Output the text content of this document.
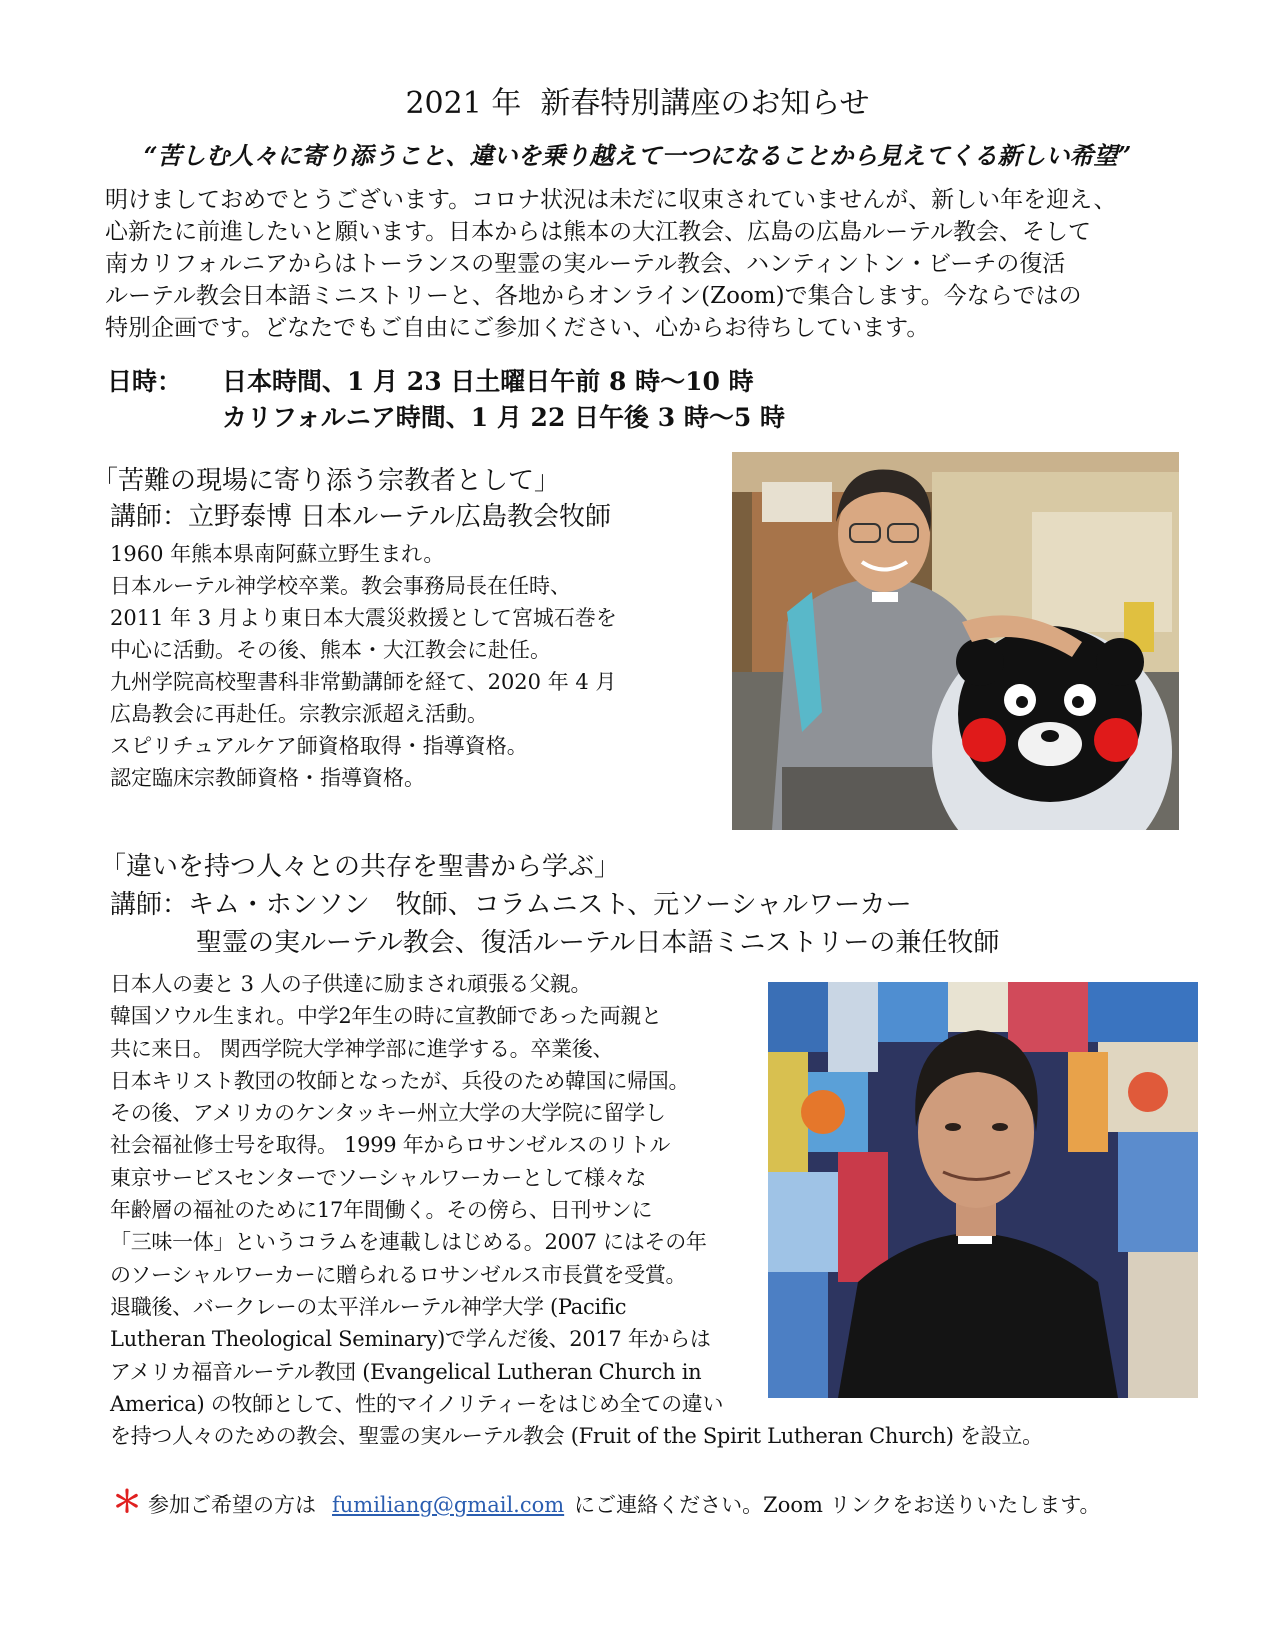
2021 年  新春特別講座のお知らせ
“苦しむ人々に寄り添うこと、違いを乗り越えて一つになることから見えてくる新しい希望”
明けましておめでとうございます。コロナ状況は未だに収束されていませんが、新しい年を迎え、
心新たに前進したいと願います。日本からは熊本の大江教会、広島の広島ルーテル教会、そして
南カリフォルニアからはトーランスの聖霊の実ルーテル教会、ハンティントン・ビーチの復活
ルーテル教会日本語ミニストリーと、各地からオンライン(Zoom)で集合します。今ならではの
特別企画です。どなたでもご自由にご参加ください、心からお待ちしています。
日時： 日本時間、1 月 23 日土曜日午前 8 時～10 時
カリフォルニア時間、1 月 22 日午後 3 時～5 時
「苦難の現場に寄り添う宗教者として」
講師：立野泰博 日本ルーテル広島教会牧師
1960 年熊本県南阿蘇立野生まれ。
日本ルーテル神学校卒業。教会事務局長在任時、
2011 年 3 月より東日本大震災救援として宮城石巻を
中心に活動。その後、熊本・大江教会に赴任。
九州学院高校聖書科非常勤講師を経て、2020 年 4 月
広島教会に再赴任。宗教宗派超え活動。
スピリチュアルケア師資格取得・指導資格。
認定臨床宗教師資格・指導資格。
「違いを持つ人々との共存を聖書から学ぶ」
講師：キム・ホンソン　牧師、コラムニスト、元ソーシャルワーカー
聖霊の実ルーテル教会、復活ルーテル日本語ミニストリーの兼任牧師
日本人の妻と 3 人の子供達に励まされ頑張る父親。
韓国ソウル生まれ。中学2年生の時に宣教師であった両親と
共に来日。 関西学院大学神学部に進学する。卒業後、
日本キリスト教団の牧師となったが、兵役のため韓国に帰国。
その後、アメリカのケンタッキー州立大学の大学院に留学し
社会福祉修士号を取得。 1999 年からロサンゼルスのリトル
東京サービスセンターでソーシャルワーカーとして様々な
年齢層の福祉のために17年間働く。その傍ら、日刊サンに
「三味一体」というコラムを連載しはじめる。2007 にはその年
のソーシャルワーカーに贈られるロサンゼルス市長賞を受賞。
退職後、バークレーの太平洋ルーテル神学大学 (Pacific
Lutheran Theological Seminary)で学んだ後、2017 年からは
アメリカ福音ルーテル教団 (Evangelical Lutheran Church in
America) の牧師として、性的マイノリティーをはじめ全ての違い
を持つ人々のための教会、聖霊の実ルーテル教会 (Fruit of the Spirit Lutheran Church) を設立。
＊ 参加ご希望の方は fumiliang@gmail.com にご連絡ください。Zoom リンクをお送りいたします。
